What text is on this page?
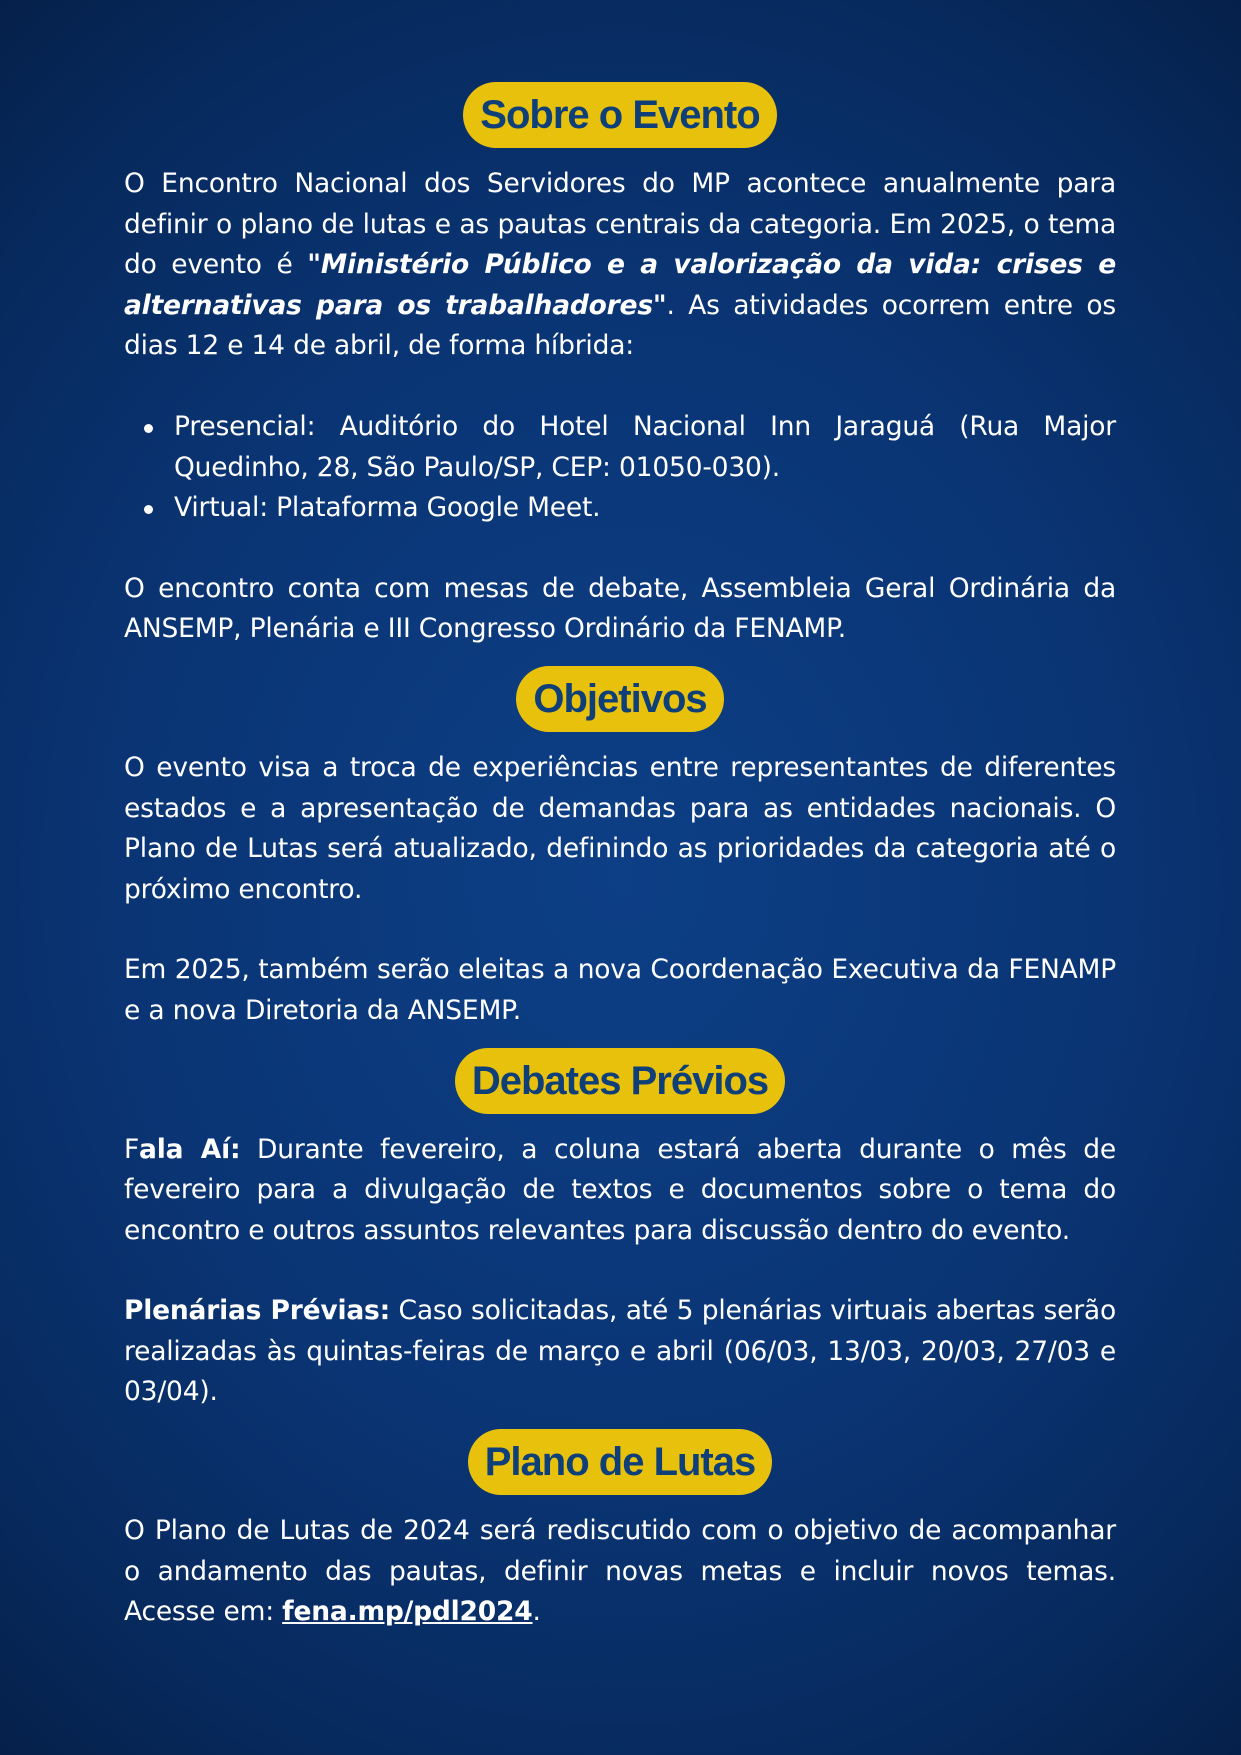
Sobre o Evento

O Encontro Nacional dos Servidores do MP acontece anualmente para definir o plano de lutas e as pautas centrais da categoria. Em 2025, o tema do evento é "Ministério Público e a valorização da vida: crises e alternativas para os trabalhadores". As atividades ocorrem entre os dias 12 e 14 de abril, de forma híbrida:

Presencial: Auditório do Hotel Nacional Inn Jaraguá (Rua Major Quedinho, 28, São Paulo/SP, CEP: 01050-030).
Virtual: Plataforma Google Meet.

O encontro conta com mesas de debate, Assembleia Geral Ordinária da ANSEMP, Plenária e III Congresso Ordinário da FENAMP.

Objetivos

O evento visa a troca de experiências entre representantes de diferentes estados e a apresentação de demandas para as entidades nacionais. O Plano de Lutas será atualizado, definindo as prioridades da categoria até o próximo encontro.

Em 2025, também serão eleitas a nova Coordenação Executiva da FENAMP e a nova Diretoria da ANSEMP.

Debates Prévios

Fala Aí: Durante fevereiro, a coluna estará aberta durante o mês de fevereiro para a divulgação de textos e documentos sobre o tema do encontro e outros assuntos relevantes para discussão dentro do evento.

Plenárias Prévias: Caso solicitadas, até 5 plenárias virtuais abertas serão realizadas às quintas-feiras de março e abril (06/03, 13/03, 20/03, 27/03 e 03/04).

Plano de Lutas

O Plano de Lutas de 2024 será rediscutido com o objetivo de acompanhar o andamento das pautas, definir novas metas e incluir novos temas. Acesse em: fena.mp/pdl2024.
